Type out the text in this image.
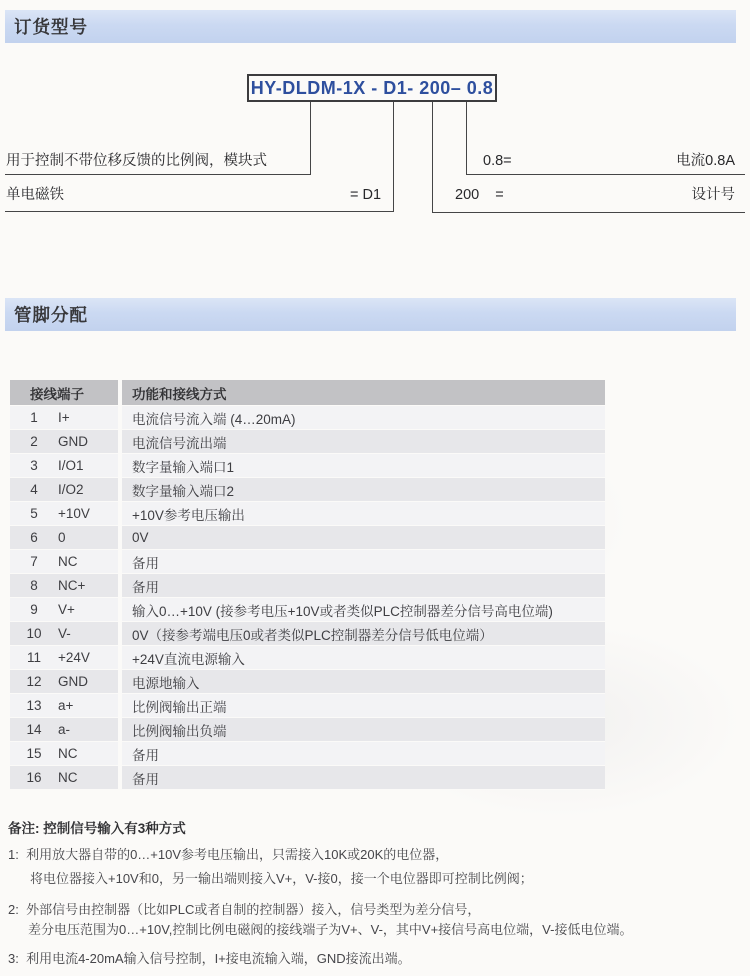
订货型号
HY-DLDM-1X - D1- 200– 0.8
用于控制不带位移反馈的比例阀，模块式	0.8=	电流0.8A
单电磁铁	= D1	200    =	设计号
管脚分配
接线端子	功能和接线方式
1	I+	电流信号流入端 (4…20mA)
2	GND	电流信号流出端
3	I/O1	数字量输入端口1
4	I/O2	数字量输入端口2
5	+10V	+10V参考电压输出
6	0	0V
7	NC	备用
8	NC+	备用
9	V+	输入0…+10V (接参考电压+10V或者类似PLC控制器差分信号高电位端)
10	V-	0V（接参考端电压0或者类似PLC控制器差分信号低电位端）
11	+24V	+24V直流电源输入
12	GND	电源地输入
13	a+	比例阀输出正端
14	a-	比例阀输出负端
15	NC	备用
16	NC	备用
备注: 控制信号输入有3种方式
1:  利用放大器自带的0…+10V参考电压输出，只需接入10K或20K的电位器，
将电位器接入+10V和0，另一输出端则接入V+，V-接0，接一个电位器即可控制比例阀；
2:  外部信号由控制器（比如PLC或者自制的控制器）接入，信号类型为差分信号，
差分电压范围为0…+10V,控制比例电磁阀的接线端子为V+、V-，其中V+接信号高电位端，V-接低电位端。
3:  利用电流4-20mA输入信号控制，I+接电流输入端，GND接流出端。
